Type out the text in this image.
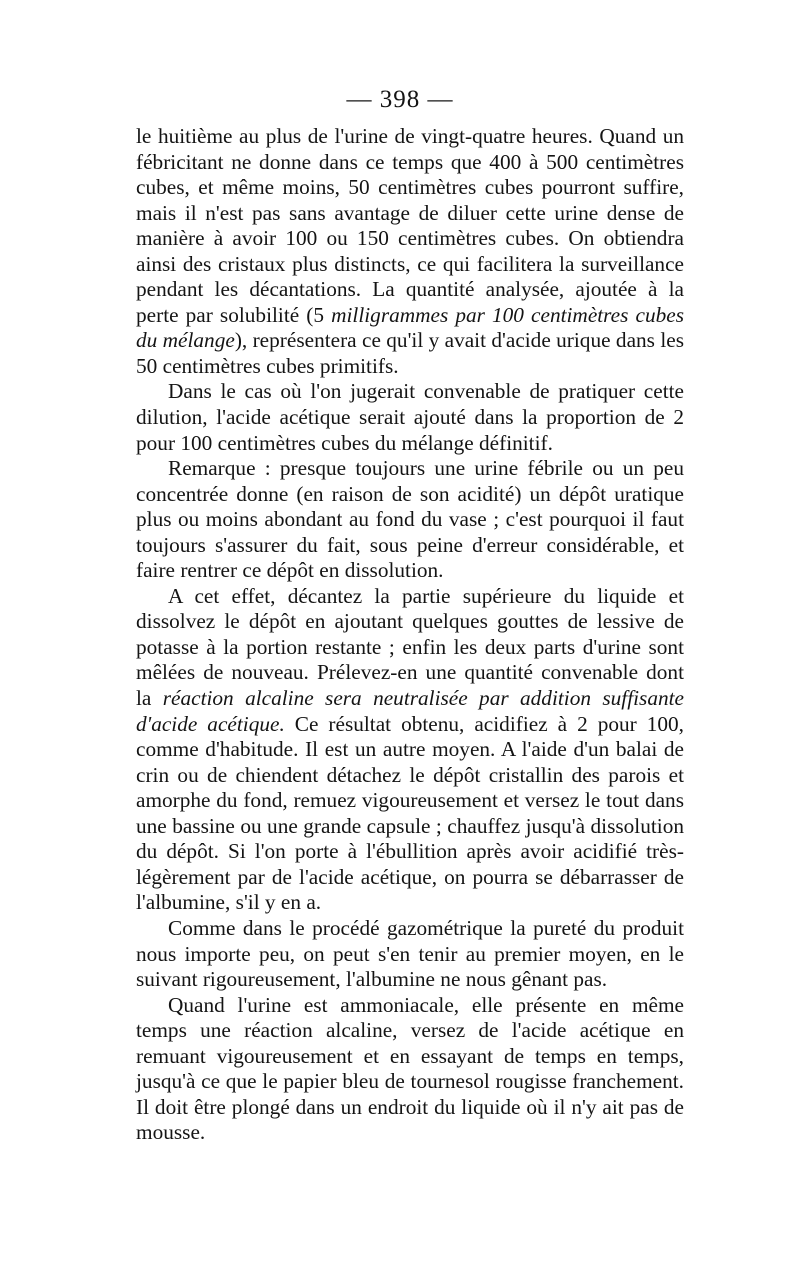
— 398 —

le huitième au plus de l'urine de vingt-quatre heures. Quand un fébricitant ne donne dans ce temps que 400 à 500 centimètres cubes, et même moins, 50 centimètres cubes pourront suffire, mais il n'est pas sans avantage de diluer cette urine dense de manière à avoir 100 ou 150 centimètres cubes. On obtiendra ainsi des cristaux plus distincts, ce qui facilitera la surveillance pendant les décantations. La quantité analysée, ajoutée à la perte par solubilité (5 milligrammes par 100 centimètres cubes du mélange), représentera ce qu'il y avait d'acide urique dans les 50 centimètres cubes primitifs.

Dans le cas où l'on jugerait convenable de pratiquer cette dilution, l'acide acétique serait ajouté dans la proportion de 2 pour 100 centimètres cubes du mélange définitif.

Remarque : presque toujours une urine fébrile ou un peu concentrée donne (en raison de son acidité) un dépôt uratique plus ou moins abondant au fond du vase ; c'est pourquoi il faut toujours s'assurer du fait, sous peine d'erreur considérable, et faire rentrer ce dépôt en dissolution.

A cet effet, décantez la partie supérieure du liquide et dissolvez le dépôt en ajoutant quelques gouttes de lessive de potasse à la portion restante ; enfin les deux parts d'urine sont mêlées de nouveau. Prélevez-en une quantité convenable dont la réaction alcaline sera neutralisée par addition suffisante d'acide acétique. Ce résultat obtenu, acidifiez à 2 pour 100, comme d'habitude. Il est un autre moyen. A l'aide d'un balai de crin ou de chiendent détachez le dépôt cristallin des parois et amorphe du fond, remuez vigoureusement et versez le tout dans une bassine ou une grande capsule ; chauffez jusqu'à dissolution du dépôt. Si l'on porte à l'ébullition après avoir acidifié très-légèrement par de l'acide acétique, on pourra se débarrasser de l'albumine, s'il y en a.

Comme dans le procédé gazométrique la pureté du produit nous importe peu, on peut s'en tenir au premier moyen, en le suivant rigoureusement, l'albumine ne nous gênant pas.

Quand l'urine est ammoniacale, elle présente en même temps une réaction alcaline, versez de l'acide acétique en remuant vigoureusement et en essayant de temps en temps, jusqu'à ce que le papier bleu de tournesol rougisse franchement. Il doit être plongé dans un endroit du liquide où il n'y ait pas de mousse.
